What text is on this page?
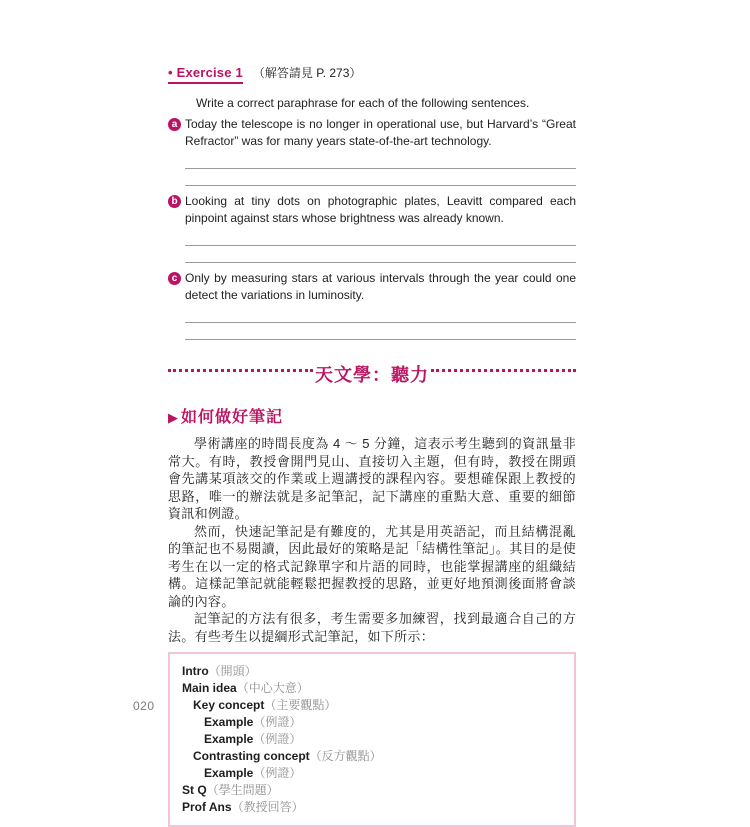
• Exercise 1 （解答請見 P. 273）
Write a correct paraphrase for each of the following sentences.
a Today the telescope is no longer in operational use, but Harvard’s “Great Refractor” was for many years state-of-the-art technology.
b Looking at tiny dots on photographic plates, Leavitt compared each pinpoint against stars whose brightness was already known.
c Only by measuring stars at various intervals through the year could one detect the variations in luminosity.
天文學：聽力
▶ 如何做好筆記

學術講座的時間長度為 4 ～ 5 分鐘，這表示考生聽到的資訊量非常大。有時，教授會開門見山、直接切入主題，但有時，教授在開頭會先講某項該交的作業或上週講授的課程內容。要想確保跟上教授的思路，唯一的辦法就是多記筆記，記下講座的重點大意、重要的細節資訊和例證。

然而，快速記筆記是有難度的，尤其是用英語記，而且結構混亂的筆記也不易閱讀，因此最好的策略是記「結構性筆記」。其目的是使考生在以一定的格式記錄單字和片語的同時，也能掌握講座的組織結構。這樣記筆記就能輕鬆把握教授的思路，並更好地預測後面將會談論的內容。

記筆記的方法有很多，考生需要多加練習，找到最適合自己的方法。有些考生以提綱形式記筆記，如下所示：

Intro（開頭）
Main idea（中心大意）
Key concept（主要觀點）
Example（例證）
Example（例證）
Contrasting concept（反方觀點）
Example（例證）
St Q（學生問題）
Prof Ans（教授回答）
020
